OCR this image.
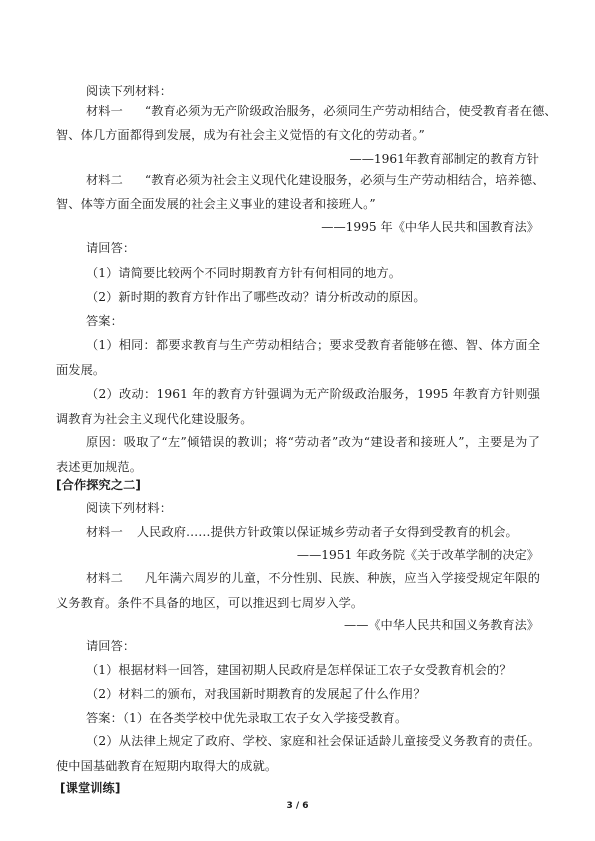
阅读下列材料：
材料一 “教育必须为无产阶级政治服务，必须同生产劳动相结合，使受教育者在德、
智、体几方面都得到发展，成为有社会主义觉悟的有文化的劳动者。”
——1961年教育部制定的教育方针
材料二 “教育必须为社会主义现代化建设服务，必须与生产劳动相结合，培养德、
智、体等方面全面发展的社会主义事业的建设者和接班人。”
——1995 年《中华人民共和国教育法》
请回答：
（1）请简要比较两个不同时期教育方针有何相同的地方。
（2）新时期的教育方针作出了哪些改动？请分析改动的原因。
答案：
（1）相同：都要求教育与生产劳动相结合；要求受教育者能够在德、智、体方面全面发展。
（2）改动：1961 年的教育方针强调为无产阶级政治服务，1995 年教育方针则强调教育为社会主义现代化建设服务。
原因：吸取了“左”倾错误的教训；将“劳动者”改为“建设者和接班人”，主要是为了表述更加规范。
[合作探究之二]
阅读下列材料：
材料一 人民政府……提供方针政策以保证城乡劳动者子女得到受教育的机会。
——1951 年政务院《关于改革学制的决定》
材料二 凡年满六周岁的儿童，不分性别、民族、种族，应当入学接受规定年限的义务教育。条件不具备的地区，可以推迟到七周岁入学。
——《中华人民共和国义务教育法》
请回答：
（1）根据材料一回答，建国初期人民政府是怎样保证工农子女受教育机会的？
（2）材料二的颁布，对我国新时期教育的发展起了什么作用？
答案：（1）在各类学校中优先录取工农子女入学接受教育。
（2）从法律上规定了政府、学校、家庭和社会保证适龄儿童接受义务教育的责任。使中国基础教育在短期内取得大的成就。
[课堂训练]
3 / 6
